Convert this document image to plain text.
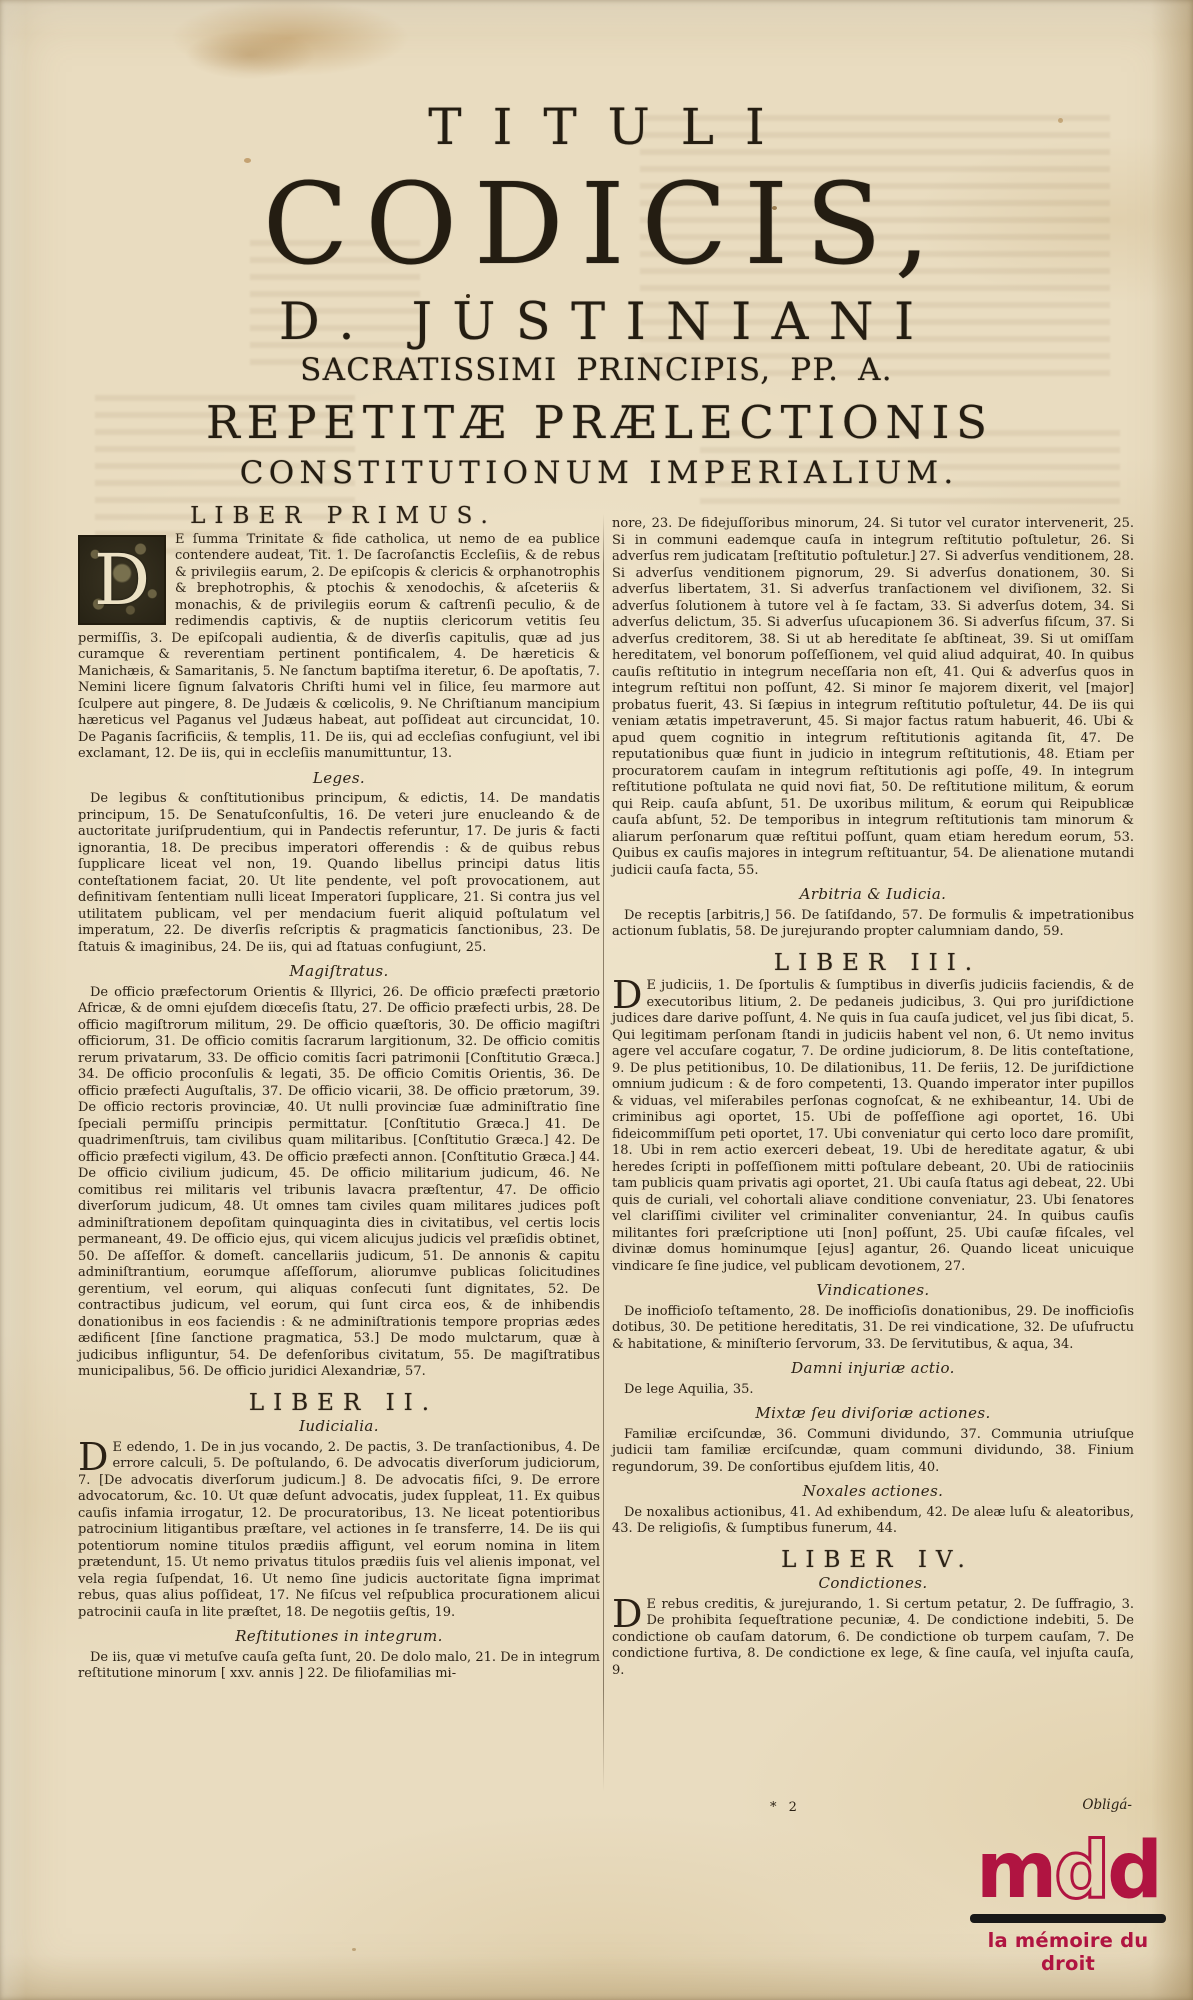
TITULI
CODICIS,
D. JUSTINIANI
SACRATISSIMI PRINCIPIS, PP. A.
REPETITÆ PRÆLECTIONIS
CONSTITUTIONUM IMPERIALIUM.
LIBER PRIMUS.

D	E ſumma Trinitate & fide catholica, ut nemo de ea publice contendere audeat, Tit. 1. De ſacroſanctis Eccleſiis, & de rebus & privilegiis earum, 2. De epiſcopis & clericis & orphanotrophis & brephotrophis, & ptochis & xenodochis, & aſceteriis & monachis, & de privilegiis eorum & caſtrenſi peculio, & de redimendis captivis, & de nuptiis clericorum vetitis ſeu permiſſis, 3. De epiſcopali audientia, & de diverſis capitulis, quæ ad jus curamque & reverentiam pertinent pontificalem, 4. De hæreticis & Manichæis, & Samaritanis, 5. Ne ſanctum baptiſma iteretur, 6. De apoſtatis, 7. Nemini licere ſignum ſalvatoris Chriſti humi vel in ſilice, ſeu marmore aut ſculpere aut pingere, 8. De Judæis & cœlicolis, 9. Ne Chriſtianum mancipium hæreticus vel Paganus vel Judæus habeat, aut poſſideat aut circuncidat, 10. De Paganis ſacrificiis, & templis, 11. De iis, qui ad eccleſias confugiunt, vel ibi exclamant, 12. De iis, qui in eccleſiis manumittuntur, 13.

Leges.

De legibus & conſtitutionibus principum, & edictis, 14. De mandatis principum, 15. De Senatuſconſultis, 16. De veteri jure enucleando & de auctoritate juriſprudentium, qui in Pandectis referuntur, 17. De juris & facti ignorantia, 18. De precibus imperatori offerendis : & de quibus rebus ſupplicare liceat vel non, 19. Quando libellus principi datus litis conteſtationem faciat, 20. Ut lite pendente, vel poſt provocationem, aut definitivam ſententiam nulli liceat Imperatori ſupplicare, 21. Si contra jus vel utilitatem publicam, vel per mendacium fuerit aliquid poſtulatum vel imperatum, 22. De diverſis reſcriptis & pragmaticis ſanctionibus, 23. De ſtatuis & imaginibus, 24. De iis, qui ad ſtatuas confugiunt, 25.

Magiſtratus.

De officio præfectorum Orientis & Illyrici, 26. De officio præfecti prætorio Africæ, & de omni ejuſdem diœceſis ſtatu, 27. De officio præfecti urbis, 28. De officio magiſtrorum militum, 29. De officio quæſtoris, 30. De officio magiſtri officiorum, 31. De officio comitis ſacrarum largitionum, 32. De officio comitis rerum privatarum, 33. De officio comitis ſacri patrimonii [Conſtitutio Græca.] 34. De officio proconſulis & legati, 35. De officio Comitis Orientis, 36. De officio præfecti Auguſtalis, 37. De officio vicarii, 38. De officio prætorum, 39. De officio rectoris provinciæ, 40. Ut nulli provinciæ ſuæ adminiſtratio ſine ſpeciali permiſſu principis permittatur. [Conſtitutio Græca.] 41. De quadrimenſtruis, tam civilibus quam militaribus. [Conſtitutio Græca.] 42. De officio præfecti vigilum, 43. De officio præfecti annon. [Conſtitutio Græca.] 44. De officio civilium judicum, 45. De officio militarium judicum, 46. Ne comitibus rei militaris vel tribunis lavacra præſtentur, 47. De officio diverſorum judicum, 48. Ut omnes tam civiles quam militares judices poſt adminiſtrationem depoſitam quinquaginta dies in civitatibus, vel certis locis permaneant, 49. De officio ejus, qui vicem alicujus judicis vel præſidis obtinet, 50. De aſſeſſor. & domeſt. cancellariis judicum, 51. De annonis & capitu adminiſtrantium, eorumque aſſeſſorum, aliorumve publicas ſolicitudines gerentium, vel eorum, qui aliquas conſecuti ſunt dignitates, 52. De contractibus judicum, vel eorum, qui ſunt circa eos, & de inhibendis donationibus in eos faciendis : & ne adminiſtrationis tempore proprias ædes ædificent [ſine ſanctione pragmatica, 53.] De modo mulctarum, quæ à judicibus infliguntur, 54. De defenſoribus civitatum, 55. De magiſtratibus municipalibus, 56. De officio juridici Alexandriæ, 57.

LIBER II.
Iudicialia.

D E edendo, 1. De in jus vocando, 2. De pactis, 3. De tranſactionibus, 4. De errore calculi, 5. De poſtulando, 6. De advocatis diverſorum judiciorum, 7. [De advocatis diverſorum judicum.] 8. De advocatis fiſci, 9. De errore advocatorum, &c. 10. Ut quæ deſunt advocatis, judex ſuppleat, 11. Ex quibus cauſis infamia irrogatur, 12. De procuratoribus, 13. Ne liceat potentioribus patrocinium litigantibus præſtare, vel actiones in ſe transferre, 14. De iis qui potentiorum nomine titulos prædiis affigunt, vel eorum nomina in litem prætendunt, 15. Ut nemo privatus titulos prædiis ſuis vel alienis imponat, vel vela regia ſuſpendat, 16. Ut nemo ſine judicis auctoritate ſigna imprimat rebus, quas alius poſſideat, 17. Ne fiſcus vel reſpublica procurationem alicui patrocinii cauſa in lite præſtet, 18. De negotiis geſtis, 19.

Reſtitutiones in integrum.

De iis, quæ vi metuſve cauſa geſta ſunt, 20. De dolo malo, 21. De in integrum reſtitutione minorum [ xxv. annis ] 22. De filiofamilias mi-

nore, 23. De fidejuſſoribus minorum, 24. Si tutor vel curator intervenerit, 25. Si in communi eademque cauſa in integrum reſtitutio poſtuletur, 26. Si adverſus rem judicatam [reſtitutio poſtuletur.] 27. Si adverſus venditionem, 28. Si adverſus venditionem pignorum, 29. Si adverſus donationem, 30. Si adverſus libertatem, 31. Si adverſus tranſactionem vel diviſionem, 32. Si adverſus ſolutionem à tutore vel à ſe factam, 33. Si adverſus dotem, 34. Si adverſus delictum, 35. Si adverſus uſucapionem 36. Si adverſus fiſcum, 37. Si adverſus creditorem, 38. Si ut ab hereditate ſe abſtineat, 39. Si ut omiſſam hereditatem, vel bonorum poſſeſſionem, vel quid aliud adquirat, 40. In quibus cauſis reſtitutio in integrum neceſſaria non eſt, 41. Qui & adverſus quos in integrum reſtitui non poſſunt, 42. Si minor ſe majorem dixerit, vel [major] probatus fuerit, 43. Si ſæpius in integrum reſtitutio poſtuletur, 44. De iis qui veniam ætatis impetraverunt, 45. Si major factus ratum habuerit, 46. Ubi & apud quem cognitio in integrum reſtitutionis agitanda ſit, 47. De reputationibus quæ fiunt in judicio in integrum reſtitutionis, 48. Etiam per procuratorem cauſam in integrum reſtitutionis agi poſſe, 49. In integrum reſtitutione poſtulata ne quid novi fiat, 50. De reſtitutione militum, & eorum qui Reip. cauſa abſunt, 51. De uxoribus militum, & eorum qui Reipublicæ cauſa abſunt, 52. De temporibus in integrum reſtitutionis tam minorum & aliarum perſonarum quæ reſtitui poſſunt, quam etiam heredum eorum, 53. Quibus ex cauſis majores in integrum reſtituantur, 54. De alienatione mutandi judicii cauſa facta, 55.

Arbitria & Iudicia.

De receptis [arbitris,] 56. De ſatiſdando, 57. De formulis & impetrationibus actionum ſublatis, 58. De jurejurando propter calumniam dando, 59.

LIBER III.

D E judiciis, 1. De ſportulis & ſumptibus in diverſis judiciis faciendis, & de executoribus litium, 2. De pedaneis judicibus, 3. Qui pro juriſdictione judices dare darive poſſunt, 4. Ne quis in ſua cauſa judicet, vel jus ſibi dicat, 5. Qui legitimam perſonam ſtandi in judiciis habent vel non, 6. Ut nemo invitus agere vel accuſare cogatur, 7. De ordine judiciorum, 8. De litis conteſtatione, 9. De plus petitionibus, 10. De dilationibus, 11. De feriis, 12. De juriſdictione omnium judicum : & de foro competenti, 13. Quando imperator inter pupillos & viduas, vel miſerabiles perſonas cognoſcat, & ne exhibeantur, 14. Ubi de criminibus agi oportet, 15. Ubi de poſſeſſione agi oportet, 16. Ubi fideicommiſſum peti oportet, 17. Ubi conveniatur qui certo loco dare promiſit, 18. Ubi in rem actio exerceri debeat, 19. Ubi de hereditate agatur, & ubi heredes ſcripti in poſſeſſionem mitti poſtulare debeant, 20. Ubi de ratiociniis tam publicis quam privatis agi oportet, 21. Ubi cauſa ſtatus agi debeat, 22. Ubi quis de curiali, vel cohortali aliave conditione conveniatur, 23. Ubi ſenatores vel clariſſimi civiliter vel criminaliter conveniantur, 24. In quibus cauſis militantes fori præſcriptione uti [non] poſſunt, 25. Ubi cauſæ fiſcales, vel divinæ domus hominumque [ejus] agantur, 26. Quando liceat unicuique vindicare ſe ſine judice, vel publicam devotionem, 27.

Vindicationes.

De inofficioſo teſtamento, 28. De inofficioſis donationibus, 29. De inofficioſis dotibus, 30. De petitione hereditatis, 31. De rei vindicatione, 32. De uſufructu & habitatione, & miniſterio ſervorum, 33. De ſervitutibus, & aqua, 34.

Damni injuriæ actio.

De lege Aquilia, 35.

Mixtæ ſeu diviſoriæ actiones.

Familiæ erciſcundæ, 36. Communi dividundo, 37. Communia utriuſque judicii tam familiæ erciſcundæ, quam communi dividundo, 38. Finium regundorum, 39. De conſortibus ejuſdem litis, 40.

Noxales actiones.

De noxalibus actionibus, 41. Ad exhibendum, 42. De aleæ luſu & aleatoribus, 43. De religioſis, & ſumptibus funerum, 44.

LIBER IV.
Condictiones.

D E rebus creditis, & jurejurando, 1. Si certum petatur, 2. De ſuffragio, 3. De prohibita ſequeſtratione pecuniæ, 4. De condictione indebiti, 5. De condictione ob cauſam datorum, 6. De condictione ob turpem cauſam, 7. De condictione furtiva, 8. De condictione ex lege, & ſine cauſa, vel injuſta cauſa, 9.

* 2	Obligá-
mdd
la mémoire du droit
